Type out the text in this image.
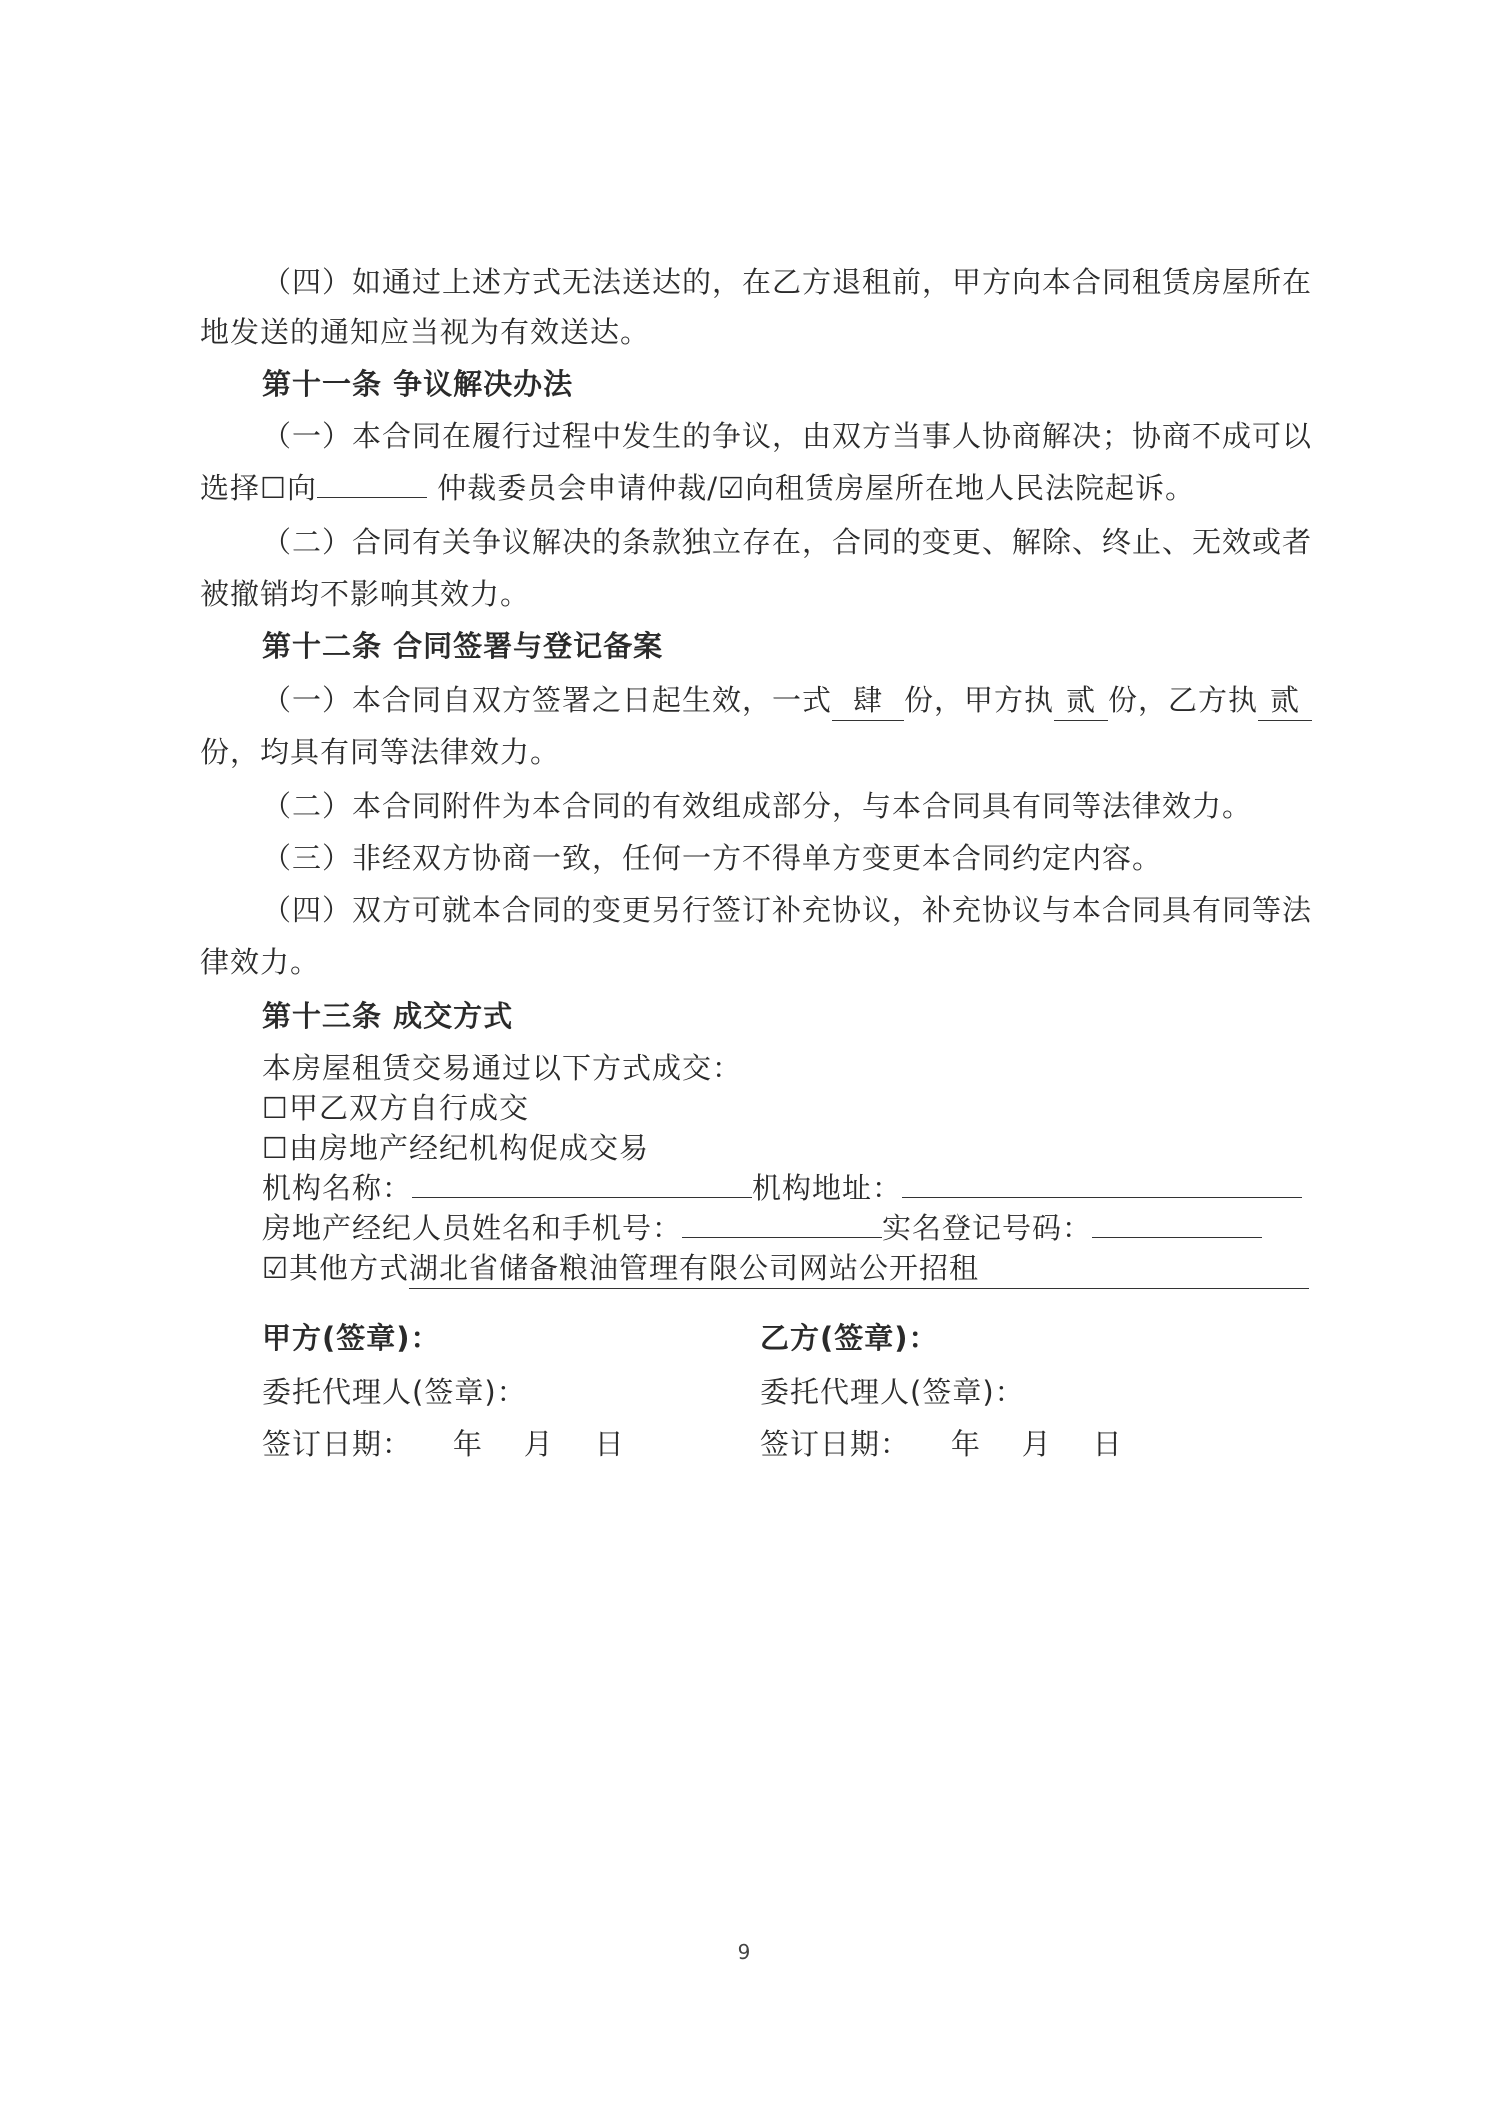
（四）如通过上述方式无法送达的，在乙方退租前，甲方向本合同租赁房屋所在
地发送的通知应当视为有效送达。
第十一条 争议解决办法
（一）本合同在履行过程中发生的争议，由双方当事人协商解决；协商不成可以
选择☐向	仲裁委员会申请仲裁/☑向租赁房屋所在地人民法院起诉。
（二）合同有关争议解决的条款独立存在，合同的变更、解除、终止、无效或者
被撤销均不影响其效力。
第十二条 合同签署与登记备案
（一）本合同自双方签署之日起生效，一式 肆 份，甲方执 贰 份，乙方执 贰
份，均具有同等法律效力。
（二）本合同附件为本合同的有效组成部分，与本合同具有同等法律效力。
（三）非经双方协商一致，任何一方不得单方变更本合同约定内容。
（四）双方可就本合同的变更另行签订补充协议，补充协议与本合同具有同等法
律效力。
第十三条 成交方式
本房屋租赁交易通过以下方式成交：
☐甲乙双方自行成交
☐由房地产经纪机构促成交易
机构名称：	机构地址：
房地产经纪人员姓名和手机号：	实名登记号码：
☑其他方式湖北省储备粮油管理有限公司网站公开招租
甲方(签章)：	乙方(签章)：
委托代理人(签章)：	委托代理人(签章)：
签订日期：    年    月    日	签订日期：    年    月    日
9
